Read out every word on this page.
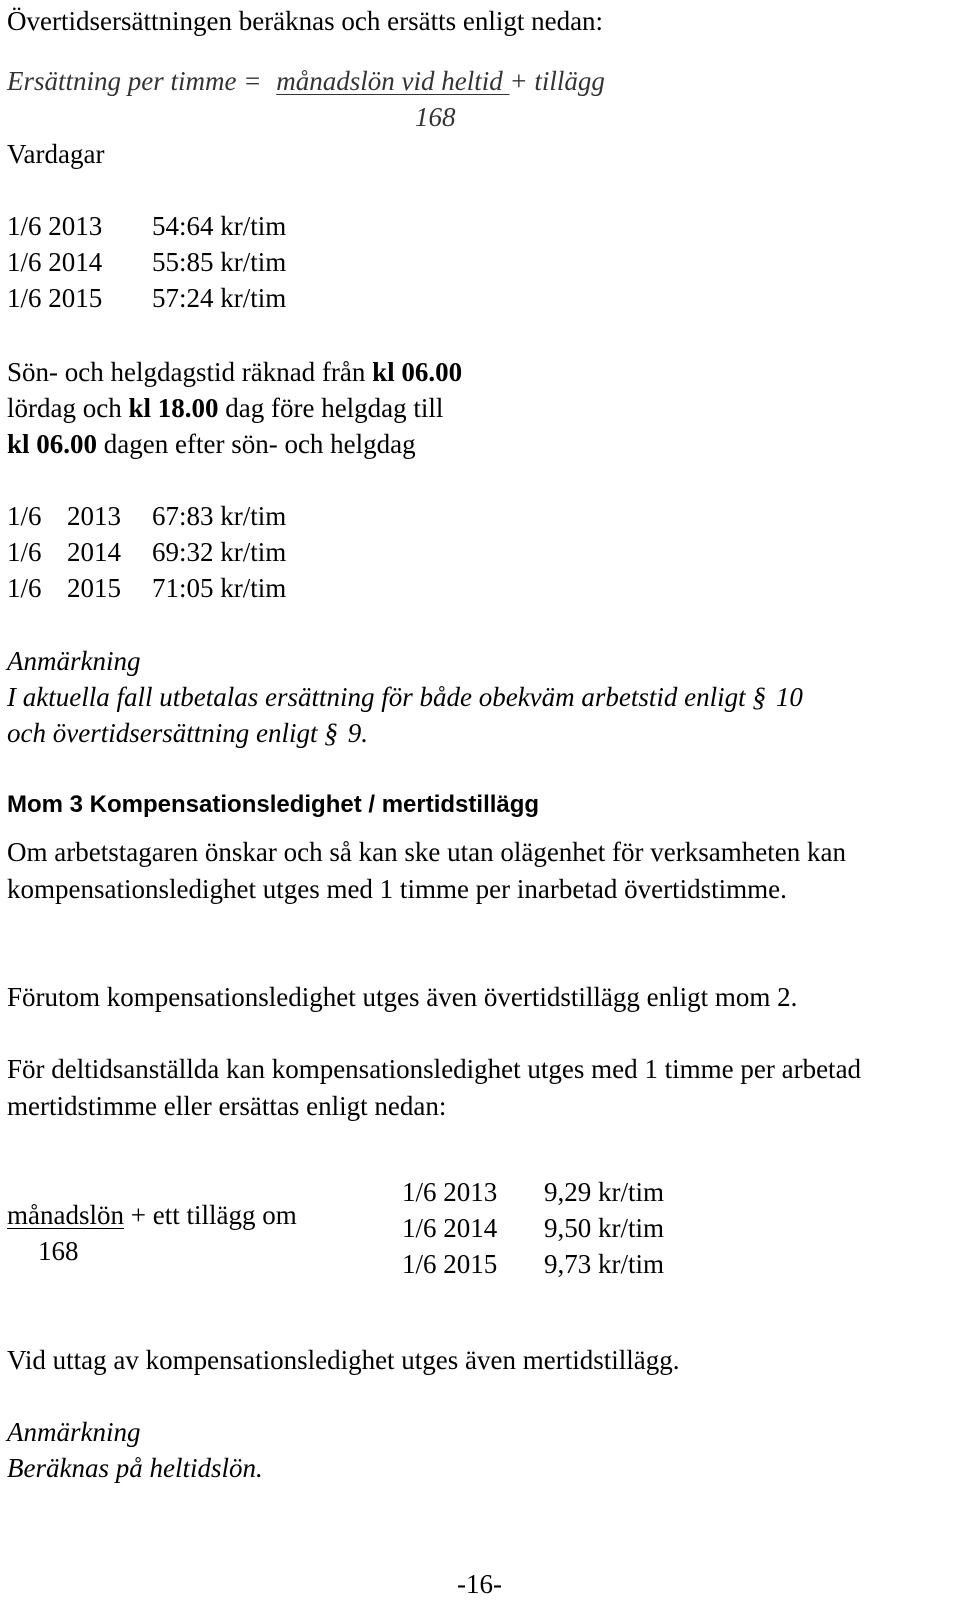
Övertidsersättningen beräknas och ersätts enligt nedan:
Ersättning per timme = månadslön vid heltid + tillägg
168
Vardagar
1/6 2013 54:64 kr/tim
1/6 2014 55:85 kr/tim
1/6 2015 57:24 kr/tim
Sön- och helgdagstid räknad från kl 06.00
lördag och kl 18.00 dag före helgdag till
kl 06.00 dagen efter sön- och helgdag
1/6 2013 67:83 kr/tim
1/6 2014 69:32 kr/tim
1/6 2015 71:05 kr/tim
Anmärkning
I aktuella fall utbetalas ersättning för både obekväm arbetstid enligt § 10
och övertidsersättning enligt § 9.
Mom 3 Kompensationsledighet / mertidstillägg
Om arbetstagaren önskar och så kan ske utan olägenhet för verksamheten kan kompensationsledighet utges med 1 timme per inarbetad övertidstimme.
Förutom kompensationsledighet utges även övertidstillägg enligt mom 2.
För deltidsanställda kan kompensationsledighet utges med 1 timme per arbetad mertidstimme eller ersättas enligt nedan:
månadslön + ett tillägg om
168
1/6 2013 9,29 kr/tim
1/6 2014 9,50 kr/tim
1/6 2015 9,73 kr/tim
Vid uttag av kompensationsledighet utges även mertidstillägg.
Anmärkning
Beräknas på heltidslön.
-16-
